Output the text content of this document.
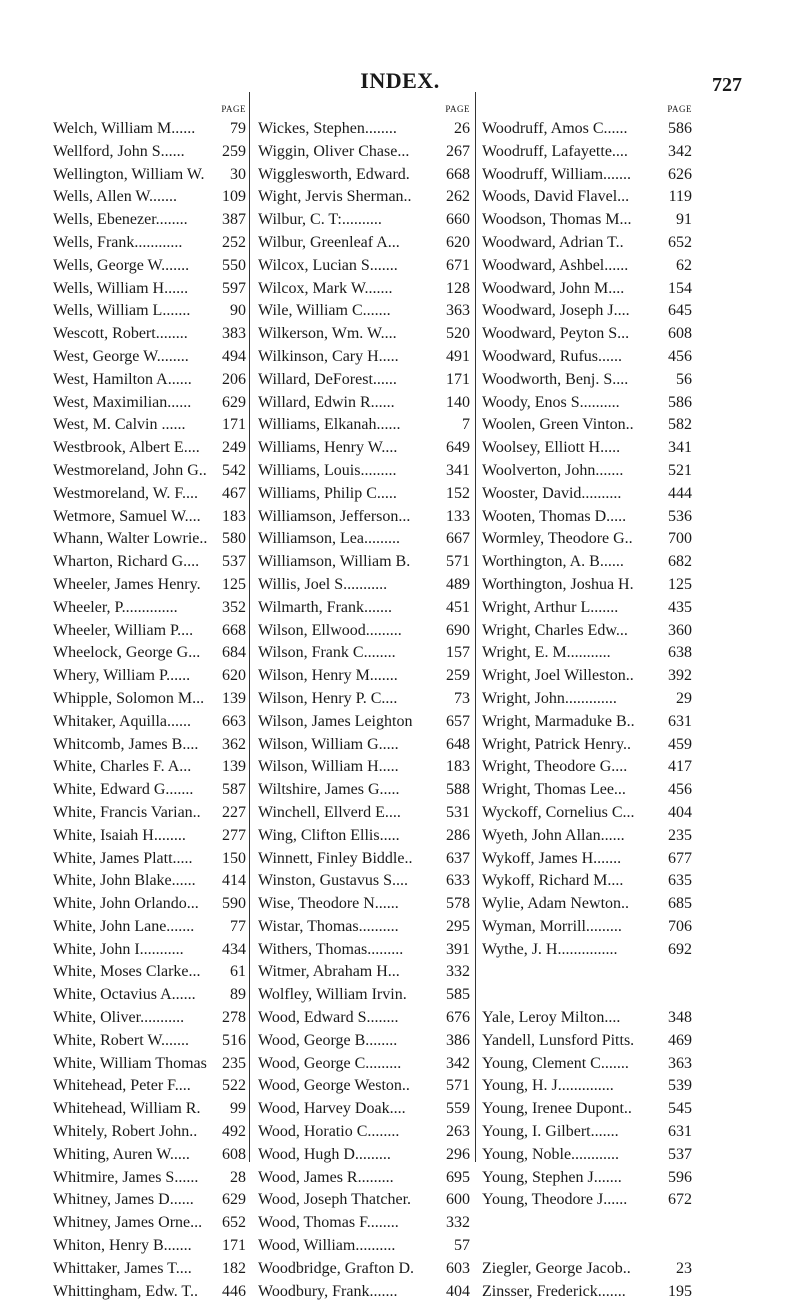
INDEX.	727
PAGE
Welch, William M......	79
Wellford, John S......	259
Wellington, William W.	30
Wells, Allen W.......	109
Wells, Ebenezer........	387
Wells, Frank............	252
Wells, George W.......	550
Wells, William H......	597
Wells, William L.......	90
Wescott, Robert........	383
West, George W........	494
West, Hamilton A......	206
West, Maximilian......	629
West, M. Calvin ......	171
Westbrook, Albert E....	249
Westmoreland, John G.. 542
Westmoreland, W. F....	467
Wetmore, Samuel W....	183
Whann, Walter Lowrie.. 580
Wharton, Richard G....	537
Wheeler, James Henry.	125
Wheeler, P..............	352
Wheeler, William P....	668
Wheelock, George G...	684
Whery, William P......	620
Whipple, Solomon M...	139
Whitaker, Aquilla......	663
Whitcomb, James B....	362
White, Charles F. A...	139
White, Edward G.......	587
White, Francis Varian..	227
White, Isaiah H........	277
White, James Platt.....	150
White, John Blake......	414
White, John Orlando...	590
White, John Lane.......	77
White, John I...........	434
White, Moses Clarke...	61
White, Octavius A......	89
White, Oliver...........	278
White, Robert W.......	516
White, William Thomas 235
Whitehead, Peter F....	522
Whitehead, William R.	99
Whitely, Robert John..	492
Whiting, Auren W.....	608
Whitmire, James S......	28
Whitney, James D......	629
Whitney, James Orne...	652
Whiton, Henry B.......	171
Whittaker, James T....	182
Whittingham, Edw. T..	446
PAGE
Wickes, Stephen........	26
Wiggin, Oliver Chase...	267
Wigglesworth, Edward.	668
Wight, Jervis Sherman..	262
Wilbur, C. T:..........	660
Wilbur, Greenleaf A...	620
Wilcox, Lucian S.......	671
Wilcox, Mark W.......	128
Wile, William C.......	363
Wilkerson, Wm. W....	520
Wilkinson, Cary H.....	491
Willard, DeForest......	171
Willard, Edwin R......	140
Williams, Elkanah......	7
Williams, Henry W....	649
Williams, Louis.........	341
Williams, Philip C.....	152
Williamson, Jefferson...	133
Williamson, Lea.........	667
Williamson, William B.	571
Willis, Joel S...........	489
Wilmarth, Frank.......	451
Wilson, Ellwood.........	690
Wilson, Frank C........	157
Wilson, Henry M.......	259
Wilson, Henry P. C....	73
Wilson, James Leighton	657
Wilson, William G.....	648
Wilson, William H.....	183
Wiltshire, James G.....	588
Winchell, Ellverd E....	531
Wing, Clifton Ellis.....	286
Winnett, Finley Biddle..	637
Winston, Gustavus S....	633
Wise, Theodore N......	578
Wistar, Thomas..........	295
Withers, Thomas.........	391
Witmer, Abraham H...	332
Wolfley, William Irvin.	585
Wood, Edward S........	676
Wood, George B........	386
Wood, George C.........	342
Wood, George Weston..	571
Wood, Harvey Doak....	559
Wood, Horatio C........	263
Wood, Hugh D.........	296
Wood, James R.........	695
Wood, Joseph Thatcher.	600
Wood, Thomas F........	332
Wood, William..........	57
Woodbridge, Grafton D.	603
Woodbury, Frank.......	404
PAGE
Woodruff, Amos C......	586
Woodruff, Lafayette....	342
Woodruff, William.......	626
Woods, David Flavel...	119
Woodson, Thomas M...	91
Woodward, Adrian T..	652
Woodward, Ashbel......	62
Woodward, John M....	154
Woodward, Joseph J....	645
Woodward, Peyton S...	608
Woodward, Rufus......	456
Woodworth, Benj. S....	56
Woody, Enos S..........	586
Woolen, Green Vinton..	582
Woolsey, Elliott H.....	341
Woolverton, John.......	521
Wooster, David..........	444
Wooten, Thomas D.....	536
Wormley, Theodore G..	700
Worthington, A. B......	682
Worthington, Joshua H.	125
Wright, Arthur L.......	435
Wright, Charles Edw...	360
Wright, E. M...........	638
Wright, Joel Willeston..	392
Wright, John.............	29
Wright, Marmaduke B..	631
Wright, Patrick Henry..	459
Wright, Theodore G....	417
Wright, Thomas Lee...	456
Wyckoff, Cornelius C...	404
Wyeth, John Allan......	235
Wykoff, James H.......	677
Wykoff, Richard M....	635
Wylie, Adam Newton..	685
Wyman, Morrill.........	706
Wythe, J. H...............	692
Yale, Leroy Milton....	348
Yandell, Lunsford Pitts.	469
Young, Clement C.......	363
Young, H. J..............	539
Young, Irenee Dupont..	545
Young, I. Gilbert.......	631
Young, Noble............	537
Young, Stephen J.......	596
Young, Theodore J......	672
Ziegler, George Jacob..	23
Zinsser, Frederick.......	195
